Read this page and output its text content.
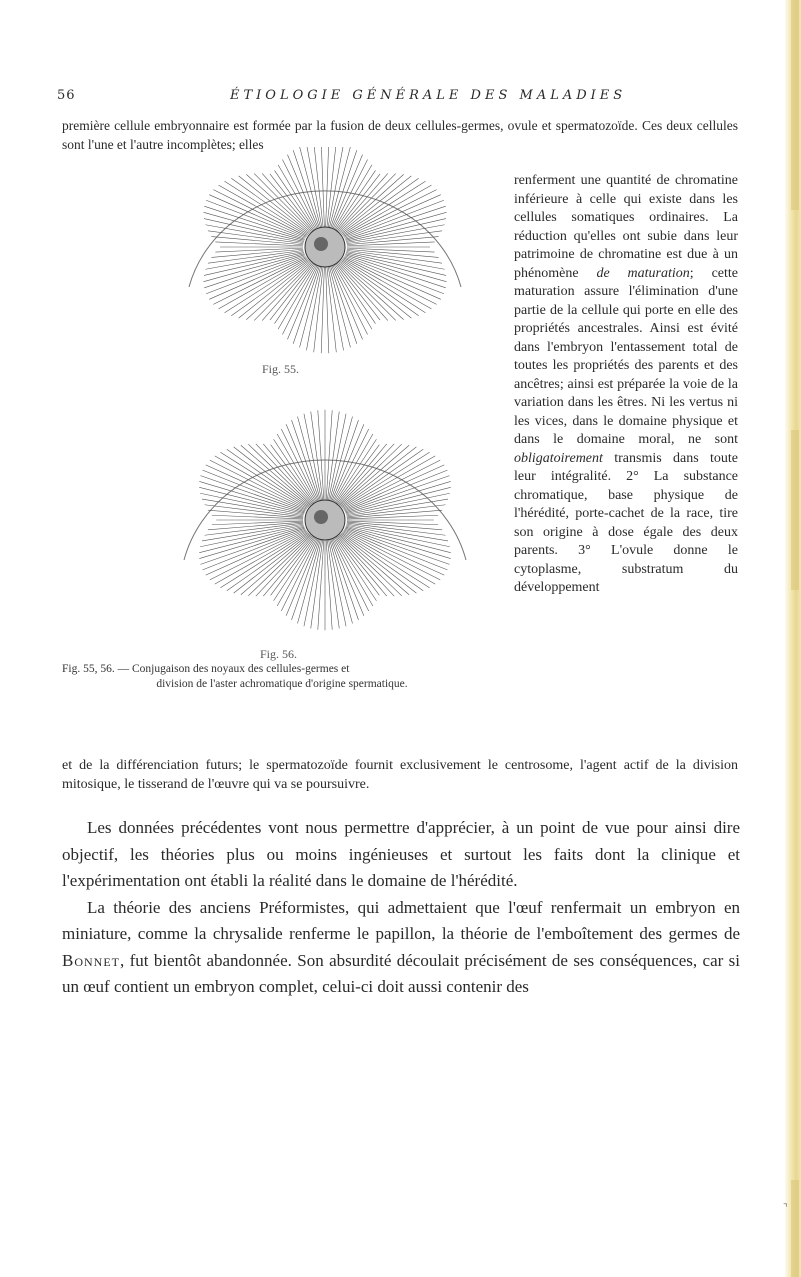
56	ÉTIOLOGIE GÉNÉRALE DES MALADIES

première cellule embryonnaire est formée par la fusion de deux cellules-germes, ovule et spermatozoïde. Ces deux cellules sont l'une et l'autre incomplètes; elles

Fig. 55.
Fig. 56.
Fig. 55, 56. — Conjugaison des noyaux des cellules-germes et
division de l'aster achromatique d'origine spermatique.
renferment une quantité de chromatine inférieure à celle qui existe dans les cellules somatiques ordinaires. La réduction qu'elles ont subie dans leur patrimoine de chromatine est due à un phénomène de maturation; cette maturation assure l'élimination d'une partie de la cellule qui porte en elle des propriétés ancestrales. Ainsi est évité dans l'embryon l'entassement total de toutes les propriétés des parents et des ancêtres; ainsi est préparée la voie de la variation dans les êtres. Ni les vertus ni les vices, dans le domaine physique et dans le domaine moral, ne sont obligatoirement transmis dans toute leur intégralité. 2° La substance chromatique, base physique de l'hérédité, porte-cachet de la race, tire son origine à dose égale des deux parents. 3° L'ovule donne le cytoplasme, substratum du développement
et de la différenciation futurs; le spermatozoïde fournit exclusivement le centrosome, l'agent actif de la division mitosique, le tisserand de l'œuvre qui va se poursuivre.

Les données précédentes vont nous permettre d'apprécier, à un point de vue pour ainsi dire objectif, les théories plus ou moins ingénieuses et surtout les faits dont la clinique et l'expérimentation ont établi la réalité dans le domaine de l'hérédité.

La théorie des anciens Préformistes, qui admettaient que l'œuf renfermait un embryon en miniature, comme la chrysalide renferme le papillon, la théorie de l'emboîtement des germes de Bonnet, fut bientôt abandonnée. Son absurdité découlait précisément de ses conséquences, car si un œuf contient un embryon complet, celui-ci doit aussi contenir des

⌝
